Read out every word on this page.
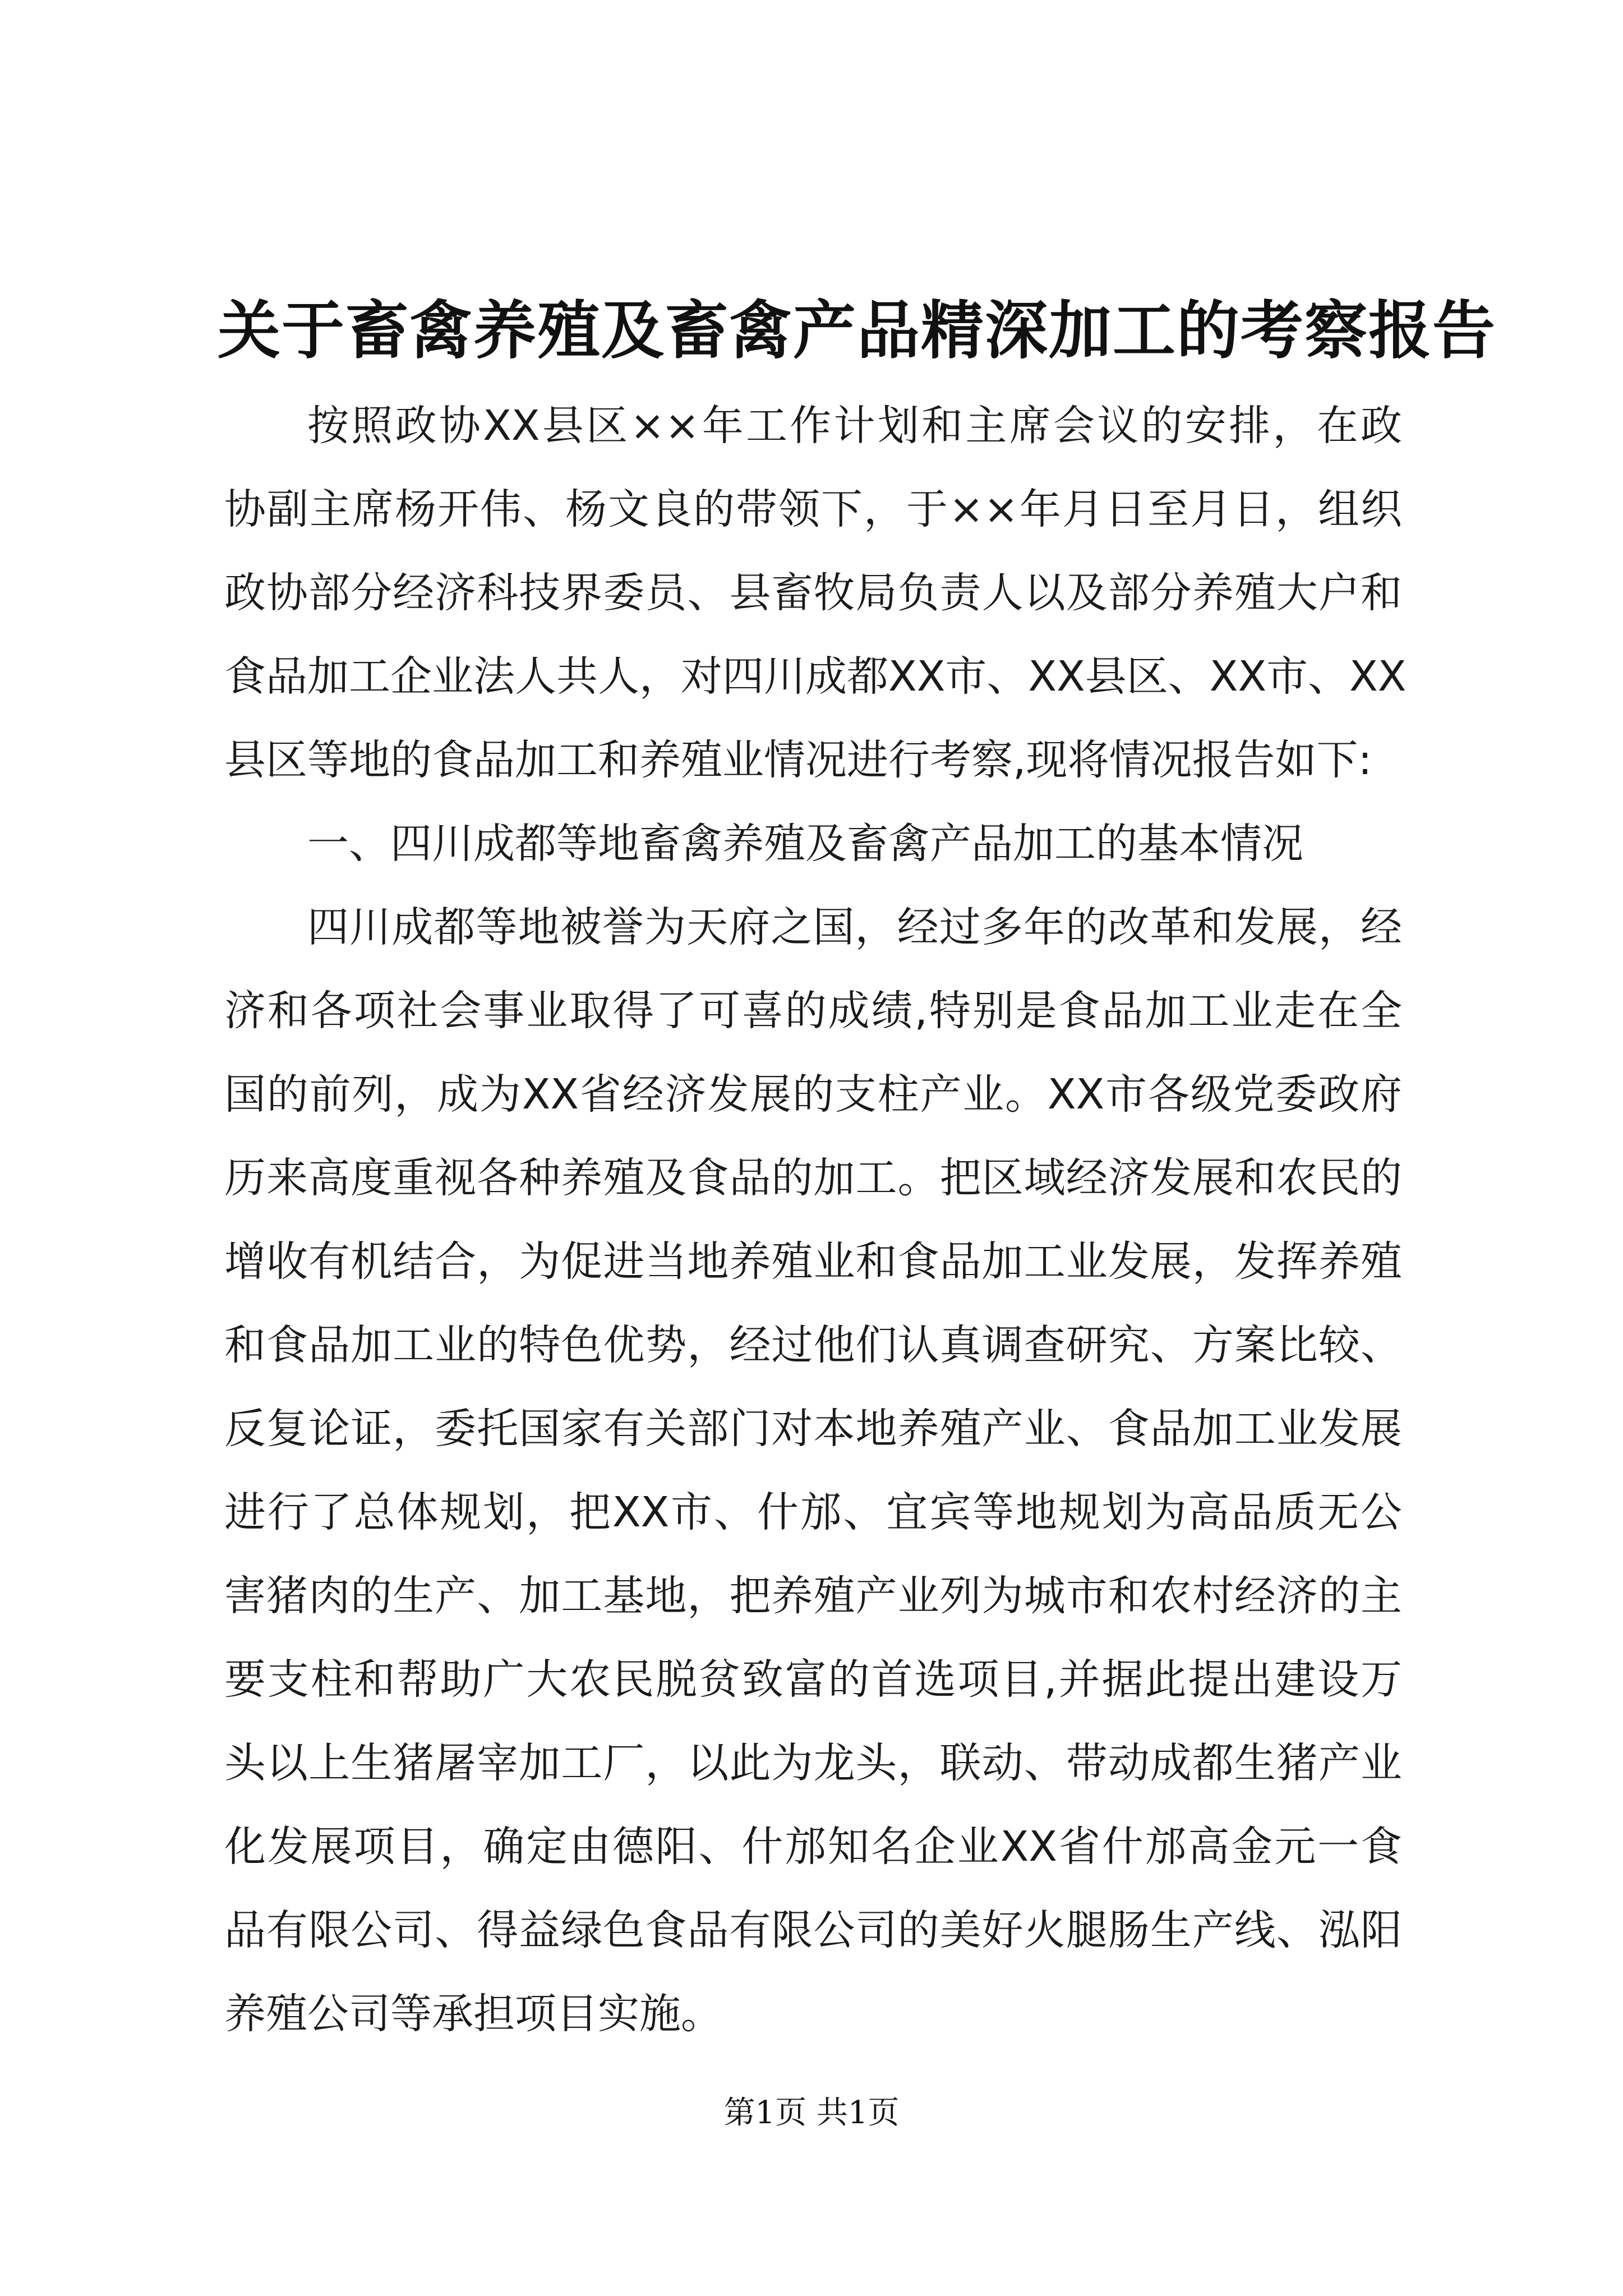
关于畜禽养殖及畜禽产品精深加工的考察报告
按照政协XX县区××年工作计划和主席会议的安排，在政
协副主席杨开伟、杨文良的带领下，于××年月日至月日，组织
政协部分经济科技界委员、县畜牧局负责人以及部分养殖大户和
食品加工企业法人共人，对四川成都XX市、XX县区、XX市、XX
县区等地的食品加工和养殖业情况进行考察,现将情况报告如下:
一、四川成都等地畜禽养殖及畜禽产品加工的基本情况
四川成都等地被誉为天府之国，经过多年的改革和发展，经
济和各项社会事业取得了可喜的成绩,特别是食品加工业走在全
国的前列，成为XX省经济发展的支柱产业。XX市各级党委政府
历来高度重视各种养殖及食品的加工。把区域经济发展和农民的
增收有机结合，为促进当地养殖业和食品加工业发展，发挥养殖
和食品加工业的特色优势，经过他们认真调查研究、方案比较、
反复论证，委托国家有关部门对本地养殖产业、食品加工业发展
进行了总体规划，把XX市、什邡、宜宾等地规划为高品质无公
害猪肉的生产、加工基地，把养殖产业列为城市和农村经济的主
要支柱和帮助广大农民脱贫致富的首选项目,并据此提出建设万
头以上生猪屠宰加工厂，以此为龙头，联动、带动成都生猪产业
化发展项目，确定由德阳、什邡知名企业XX省什邡高金元一食
品有限公司、得益绿色食品有限公司的美好火腿肠生产线、泓阳
养殖公司等承担项目实施。
第1页 共1页
